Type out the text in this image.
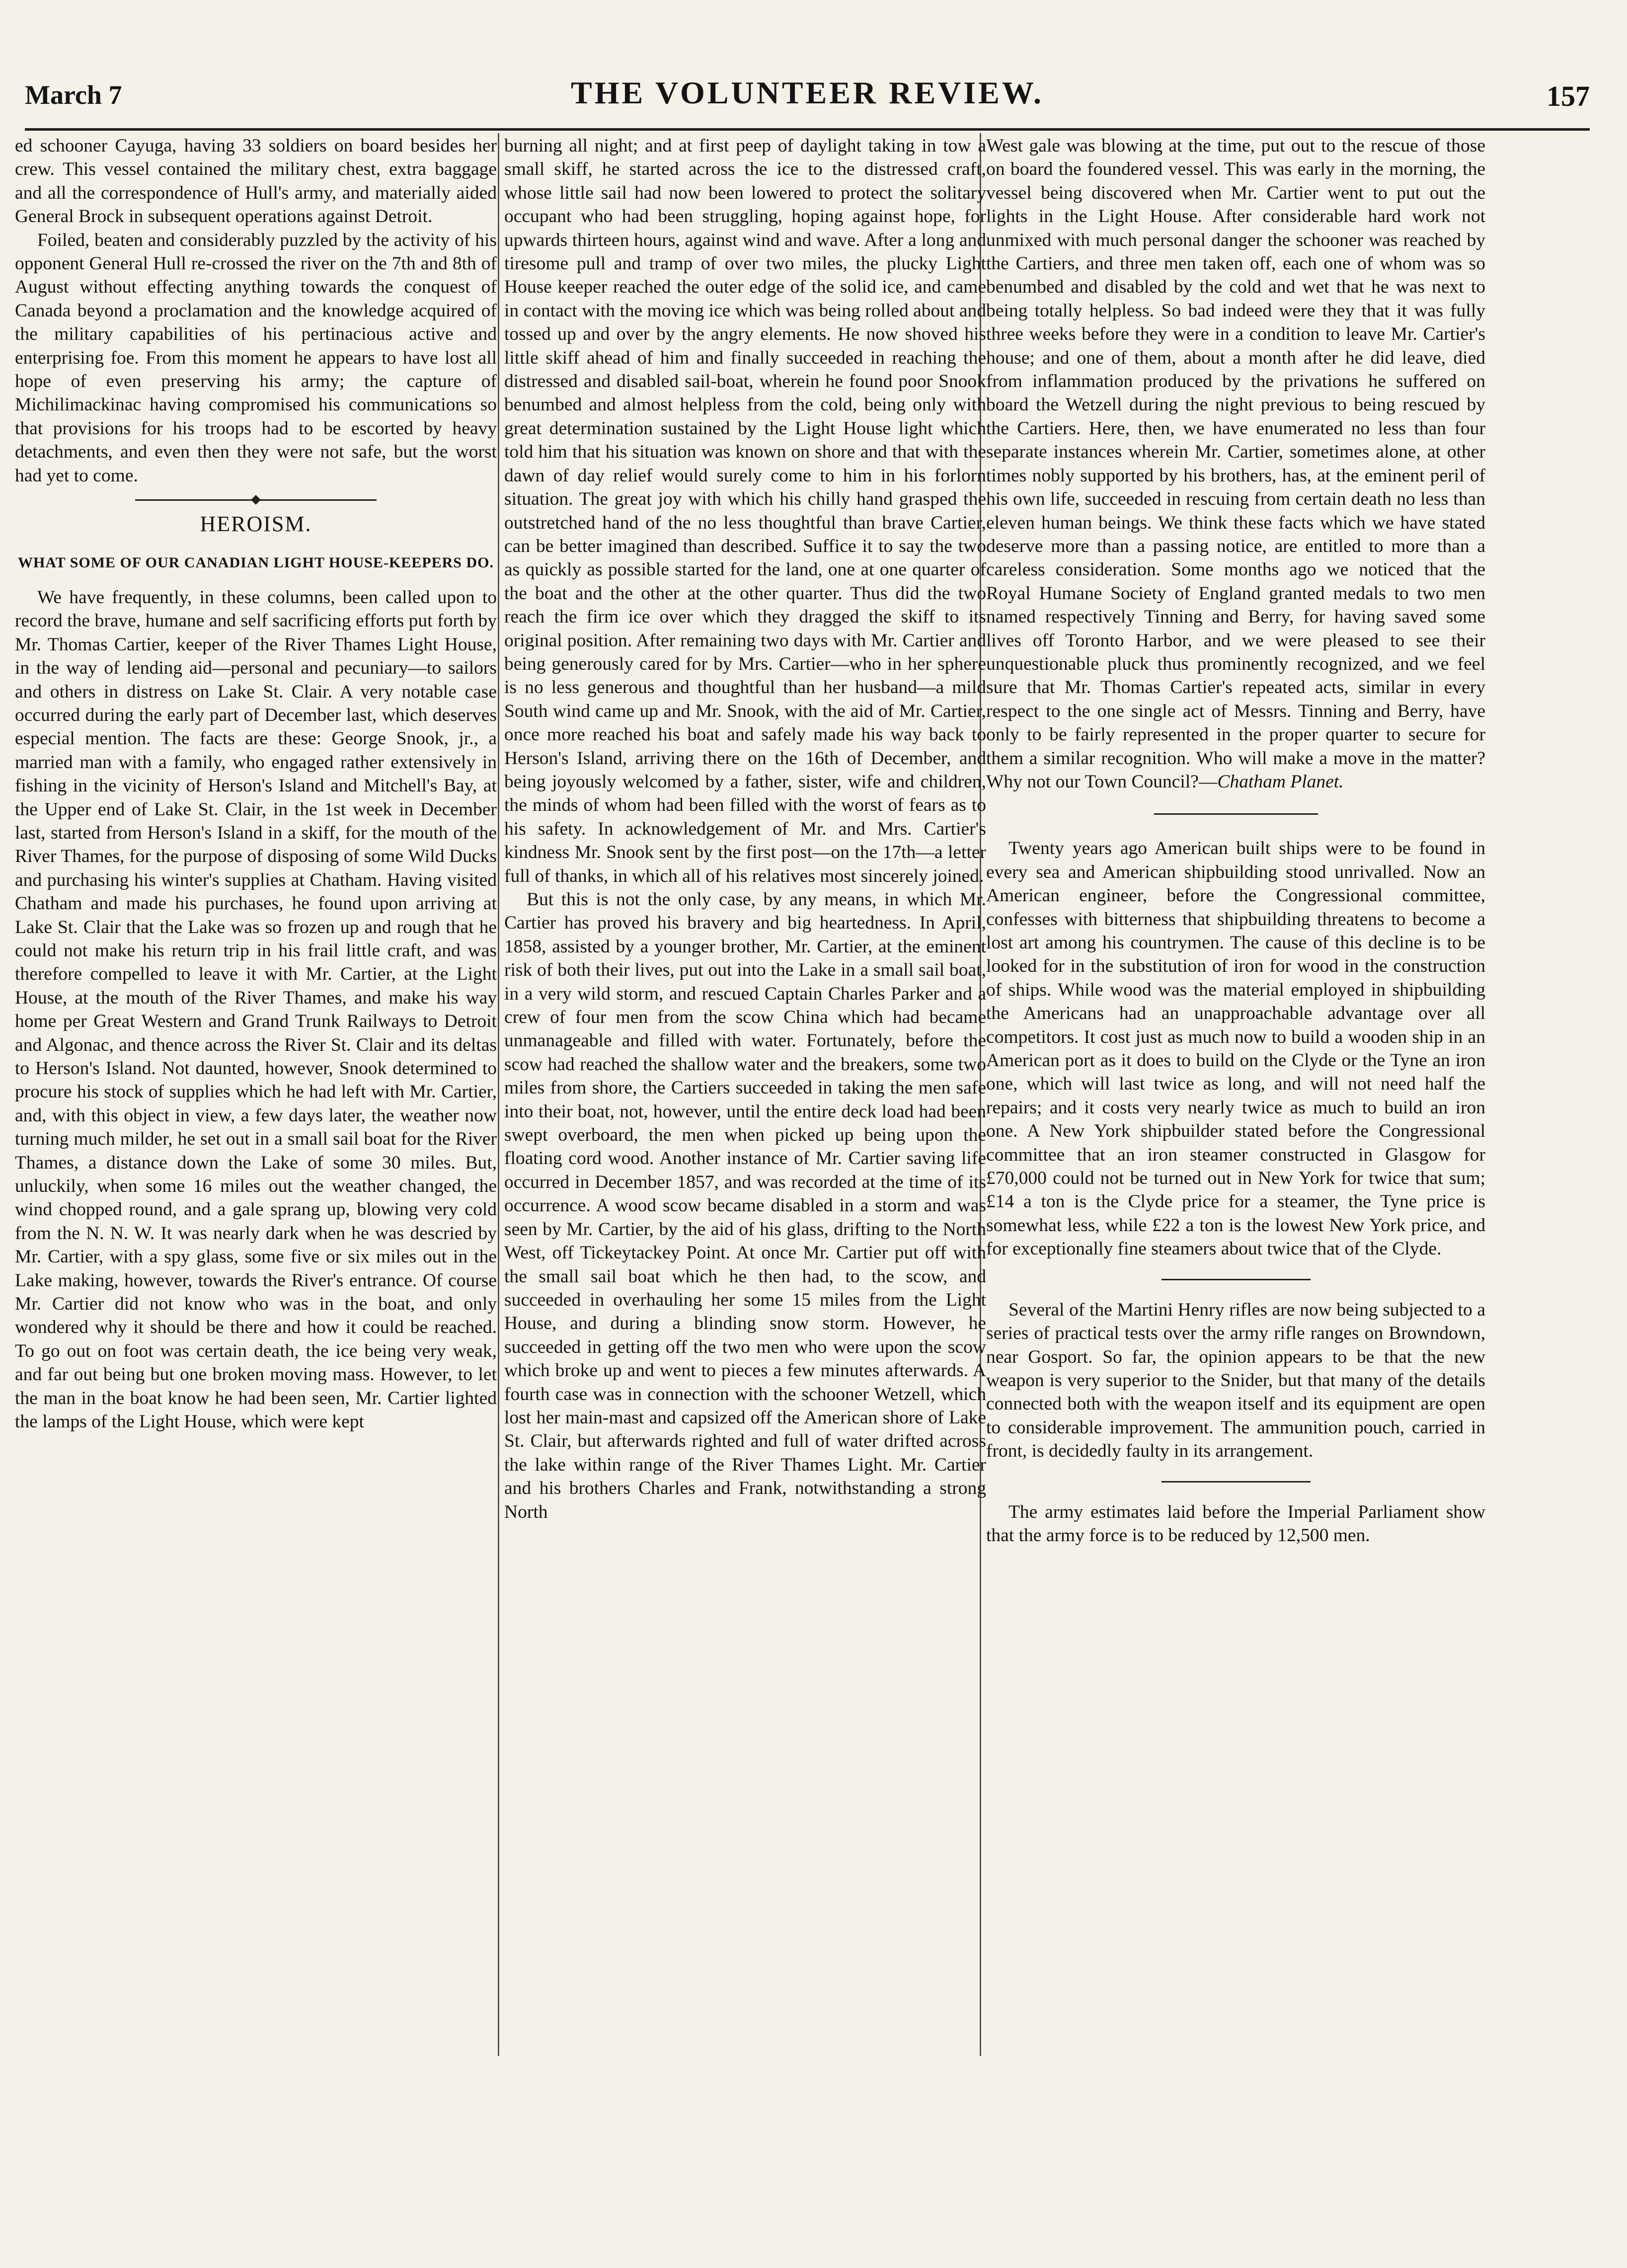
March 7	THE VOLUNTEER REVIEW.	157

ed schooner Cayuga, having 33 soldiers on board besides her crew. This vessel contained the military chest, extra baggage and all the correspondence of Hull's army, and materially aided General Brock in subsequent operations against Detroit.

Foiled, beaten and considerably puzzled by the activity of his opponent General Hull re-crossed the river on the 7th and 8th of August without effecting anything towards the conquest of Canada beyond a proclamation and the knowledge acquired of the military capabilities of his pertinacious active and enterprising foe. From this moment he appears to have lost all hope of even preserving his army; the capture of Michilimackinac having compromised his communications so that provisions for his troops had to be escorted by heavy detachments, and even then they were not safe, but the worst had yet to come.

HEROISM.
WHAT SOME OF OUR CANADIAN LIGHT HOUSE-KEEPERS DO.

We have frequently, in these columns, been called upon to record the brave, humane and self sacrificing efforts put forth by Mr. Thomas Cartier, keeper of the River Thames Light House, in the way of lending aid—personal and pecuniary—to sailors and others in distress on Lake St. Clair. A very notable case occurred during the early part of December last, which deserves especial mention. The facts are these: George Snook, jr., a married man with a family, who engaged rather extensively in fishing in the vicinity of Herson's Island and Mitchell's Bay, at the Upper end of Lake St. Clair, in the 1st week in December last, started from Herson's Island in a skiff, for the mouth of the River Thames, for the purpose of disposing of some Wild Ducks and purchasing his winter's supplies at Chatham. Having visited Chatham and made his purchases, he found upon arriving at Lake St. Clair that the Lake was so frozen up and rough that he could not make his return trip in his frail little craft, and was therefore compelled to leave it with Mr. Cartier, at the Light House, at the mouth of the River Thames, and make his way home per Great Western and Grand Trunk Railways to Detroit and Algonac, and thence across the River St. Clair and its deltas to Herson's Island. Not daunted, however, Snook determined to procure his stock of supplies which he had left with Mr. Cartier, and, with this object in view, a few days later, the weather now turning much milder, he set out in a small sail boat for the River Thames, a distance down the Lake of some 30 miles. But, unluckily, when some 16 miles out the weather changed, the wind chopped round, and a gale sprang up, blowing very cold from the N. N. W. It was nearly dark when he was descried by Mr. Cartier, with a spy glass, some five or six miles out in the Lake making, however, towards the River's entrance. Of course Mr. Cartier did not know who was in the boat, and only wondered why it should be there and how it could be reached. To go out on foot was certain death, the ice being very weak, and far out being but one broken moving mass. However, to let the man in the boat know he had been seen, Mr. Cartier lighted the lamps of the Light House, which were kept

burning all night; and at first peep of daylight taking in tow a small skiff, he started across the ice to the distressed craft, whose little sail had now been lowered to protect the solitary occupant who had been struggling, hoping against hope, for upwards thirteen hours, against wind and wave. After a long and tiresome pull and tramp of over two miles, the plucky Light House keeper reached the outer edge of the solid ice, and came in contact with the moving ice which was being rolled about and tossed up and over by the angry elements. He now shoved his little skiff ahead of him and finally succeeded in reaching the distressed and disabled sail-boat, wherein he found poor Snook benumbed and almost helpless from the cold, being only with great determination sustained by the Light House light which told him that his situation was known on shore and that with the dawn of day relief would surely come to him in his forlorn situation. The great joy with which his chilly hand grasped the outstretched hand of the no less thoughtful than brave Cartier, can be better imagined than described. Suffice it to say the two as quickly as possible started for the land, one at one quarter of the boat and the other at the other quarter. Thus did the two reach the firm ice over which they dragged the skiff to its original position. After remaining two days with Mr. Cartier and being generously cared for by Mrs. Cartier—who in her sphere is no less generous and thoughtful than her husband—a mild South wind came up and Mr. Snook, with the aid of Mr. Cartier, once more reached his boat and safely made his way back to Herson's Island, arriving there on the 16th of December, and being joyously welcomed by a father, sister, wife and children, the minds of whom had been filled with the worst of fears as to his safety. In acknowledgement of Mr. and Mrs. Cartier's kindness Mr. Snook sent by the first post—on the 17th—a letter full of thanks, in which all of his relatives most sincerely joined.

But this is not the only case, by any means, in which Mr. Cartier has proved his bravery and big heartedness. In April, 1858, assisted by a younger brother, Mr. Cartier, at the eminent risk of both their lives, put out into the Lake in a small sail boat, in a very wild storm, and rescued Captain Charles Parker and a crew of four men from the scow China which had became unmanageable and filled with water. Fortunately, before the scow had reached the shallow water and the breakers, some two miles from shore, the Cartiers succeeded in taking the men safe into their boat, not, however, until the entire deck load had been swept overboard, the men when picked up being upon the floating cord wood. Another instance of Mr. Cartier saving life occurred in December 1857, and was recorded at the time of its occurrence. A wood scow became disabled in a storm and was seen by Mr. Cartier, by the aid of his glass, drifting to the North West, off Tickeytackey Point. At once Mr. Cartier put off with the small sail boat which he then had, to the scow, and succeeded in overhauling her some 15 miles from the Light House, and during a blinding snow storm. However, he succeeded in getting off the two men who were upon the scow which broke up and went to pieces a few minutes afterwards. A fourth case was in connection with the schooner Wetzell, which lost her main-mast and capsized off the American shore of Lake St. Clair, but afterwards righted and full of water drifted across the lake within range of the River Thames Light. Mr. Cartier and his brothers Charles and Frank, notwithstanding a strong North

West gale was blowing at the time, put out to the rescue of those on board the foundered vessel. This was early in the morning, the vessel being discovered when Mr. Cartier went to put out the lights in the Light House. After considerable hard work not unmixed with much personal danger the schooner was reached by the Cartiers, and three men taken off, each one of whom was so benumbed and disabled by the cold and wet that he was next to being totally helpless. So bad indeed were they that it was fully three weeks before they were in a condition to leave Mr. Cartier's house; and one of them, about a month after he did leave, died from inflammation produced by the privations he suffered on board the Wetzell during the night previous to being rescued by the Cartiers. Here, then, we have enumerated no less than four separate instances wherein Mr. Cartier, sometimes alone, at other times nobly supported by his brothers, has, at the eminent peril of his own life, succeeded in rescuing from certain death no less than eleven human beings. We think these facts which we have stated deserve more than a passing notice, are entitled to more than a careless consideration. Some months ago we noticed that the Royal Humane Society of England granted medals to two men named respectively Tinning and Berry, for having saved some lives off Toronto Harbor, and we were pleased to see their unquestionable pluck thus prominently recognized, and we feel sure that Mr. Thomas Cartier's repeated acts, similar in every respect to the one single act of Messrs. Tinning and Berry, have only to be fairly represented in the proper quarter to secure for them a similar recognition. Who will make a move in the matter? Why not our Town Council?—Chatham Planet.

Twenty years ago American built ships were to be found in every sea and American shipbuilding stood unrivalled. Now an American engineer, before the Congressional committee, confesses with bitterness that shipbuilding threatens to become a lost art among his countrymen. The cause of this decline is to be looked for in the substitution of iron for wood in the construction of ships. While wood was the material employed in shipbuilding the Americans had an unapproachable advantage over all competitors. It cost just as much now to build a wooden ship in an American port as it does to build on the Clyde or the Tyne an iron one, which will last twice as long, and will not need half the repairs; and it costs very nearly twice as much to build an iron one. A New York shipbuilder stated before the Congressional committee that an iron steamer constructed in Glasgow for £70,000 could not be turned out in New York for twice that sum; £14 a ton is the Clyde price for a steamer, the Tyne price is somewhat less, while £22 a ton is the lowest New York price, and for exceptionally fine steamers about twice that of the Clyde.

Several of the Martini Henry rifles are now being subjected to a series of practical tests over the army rifle ranges on Browndown, near Gosport. So far, the opinion appears to be that the new weapon is very superior to the Snider, but that many of the details connected both with the weapon itself and its equipment are open to considerable improvement. The ammunition pouch, carried in front, is decidedly faulty in its arrangement.

The army estimates laid before the Imperial Parliament show that the army force is to be reduced by 12,500 men.
